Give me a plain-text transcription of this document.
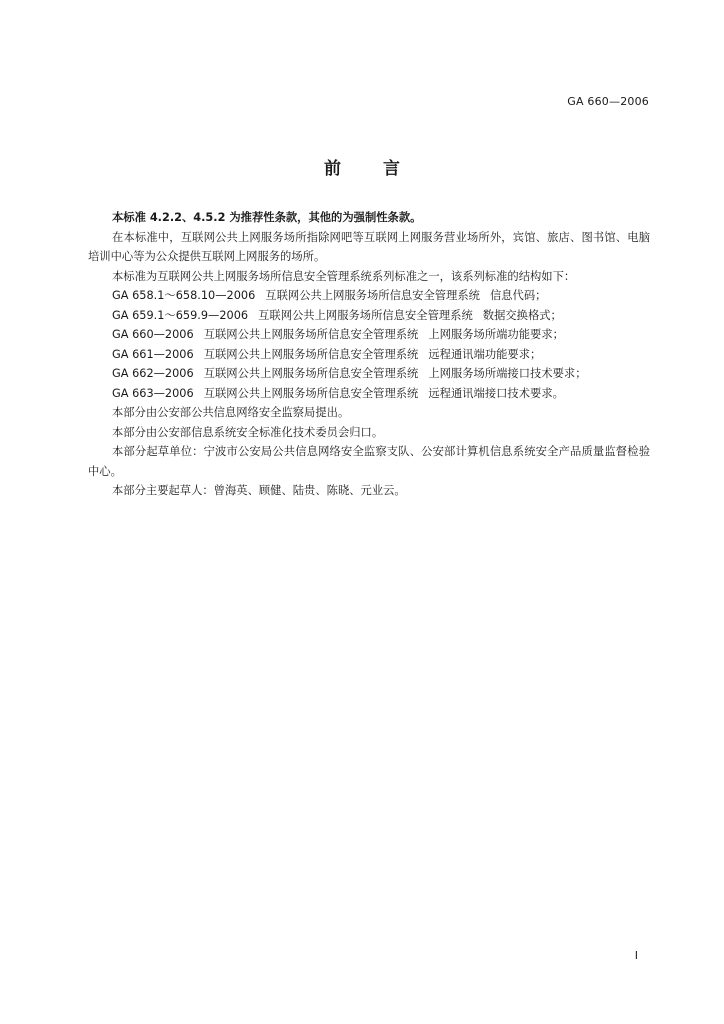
GA 660—2006
前言

本标准 4.2.2、4.5.2 为推荐性条款，其他的为强制性条款。

在本标准中，互联网公共上网服务场所指除网吧等互联网上网服务营业场所外，宾馆、旅店、图书馆、电脑培训中心等为公众提供互联网上网服务的场所。

本标准为互联网公共上网服务场所信息安全管理系统系列标准之一，该系列标准的结构如下：

GA 658.1～658.10—2006 互联网公共上网服务场所信息安全管理系统 信息代码；

GA 659.1～659.9—2006 互联网公共上网服务场所信息安全管理系统 数据交换格式；

GA 660—2006 互联网公共上网服务场所信息安全管理系统 上网服务场所端功能要求；

GA 661—2006 互联网公共上网服务场所信息安全管理系统 远程通讯端功能要求；

GA 662—2006 互联网公共上网服务场所信息安全管理系统 上网服务场所端接口技术要求；

GA 663—2006 互联网公共上网服务场所信息安全管理系统 远程通讯端接口技术要求。

本部分由公安部公共信息网络安全监察局提出。

本部分由公安部信息系统安全标准化技术委员会归口。

本部分起草单位：宁波市公安局公共信息网络安全监察支队、公安部计算机信息系统安全产品质量监督检验中心。

本部分主要起草人：曾海英、顾健、陆贵、陈晓、元业云。

I
